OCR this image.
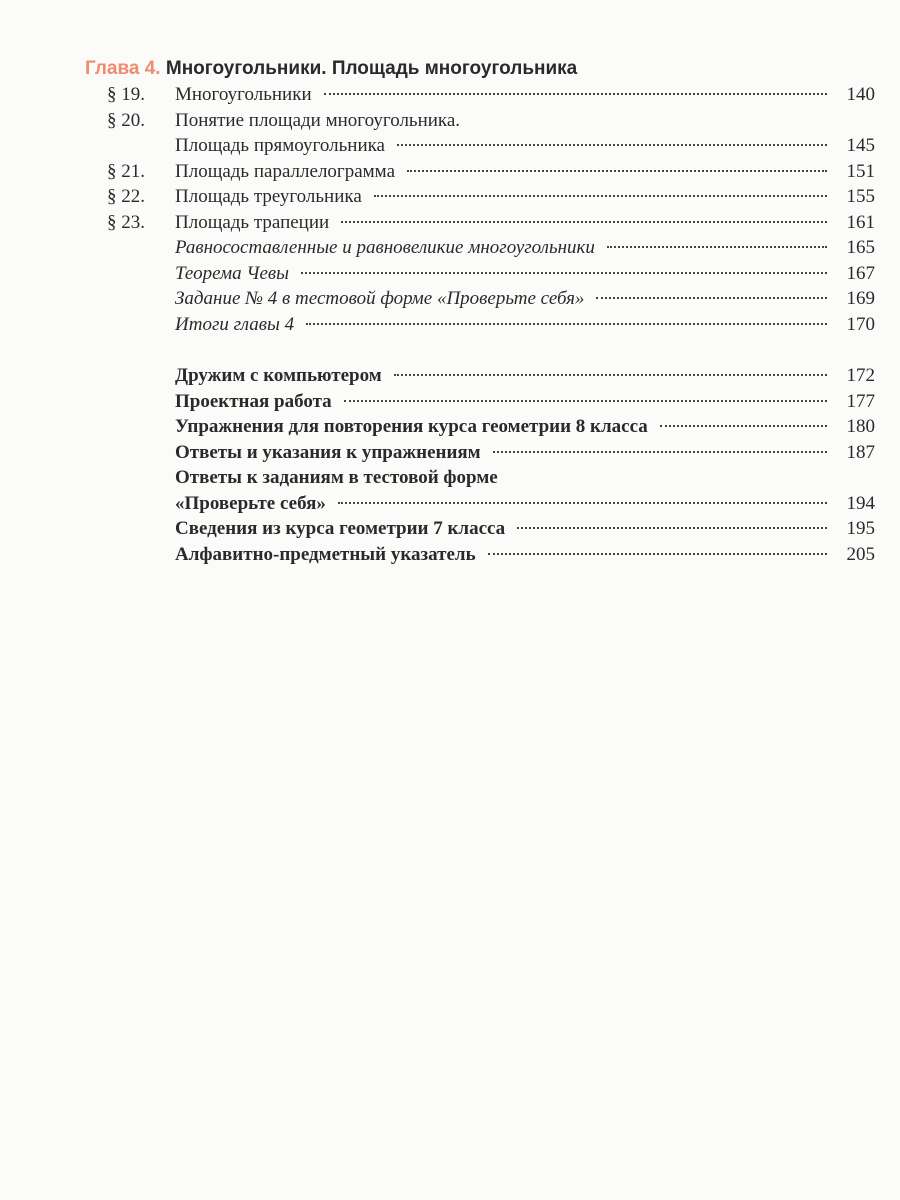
Глава 4. Многоугольники. Площадь многоугольника
§ 19.	Многоугольники	140
§ 20.	Понятие площади многоугольника.
Площадь прямоугольника	145
§ 21.	Площадь параллелограмма	151
§ 22.	Площадь треугольника	155
§ 23.	Площадь трапеции	161
Равносоставленные и равновеликие многоугольники	165
Теорема Чевы	167
Задание № 4 в тестовой форме «Проверьте себя»	169
Итоги главы 4	170
Дружим с компьютером	172
Проектная работа	177
Упражнения для повторения курса геометрии 8 класса	180
Ответы и указания к упражнениям	187
Ответы к заданиям в тестовой форме
«Проверьте себя»	194
Сведения из курса геометрии 7 класса	195
Алфавитно-предметный указатель	205
